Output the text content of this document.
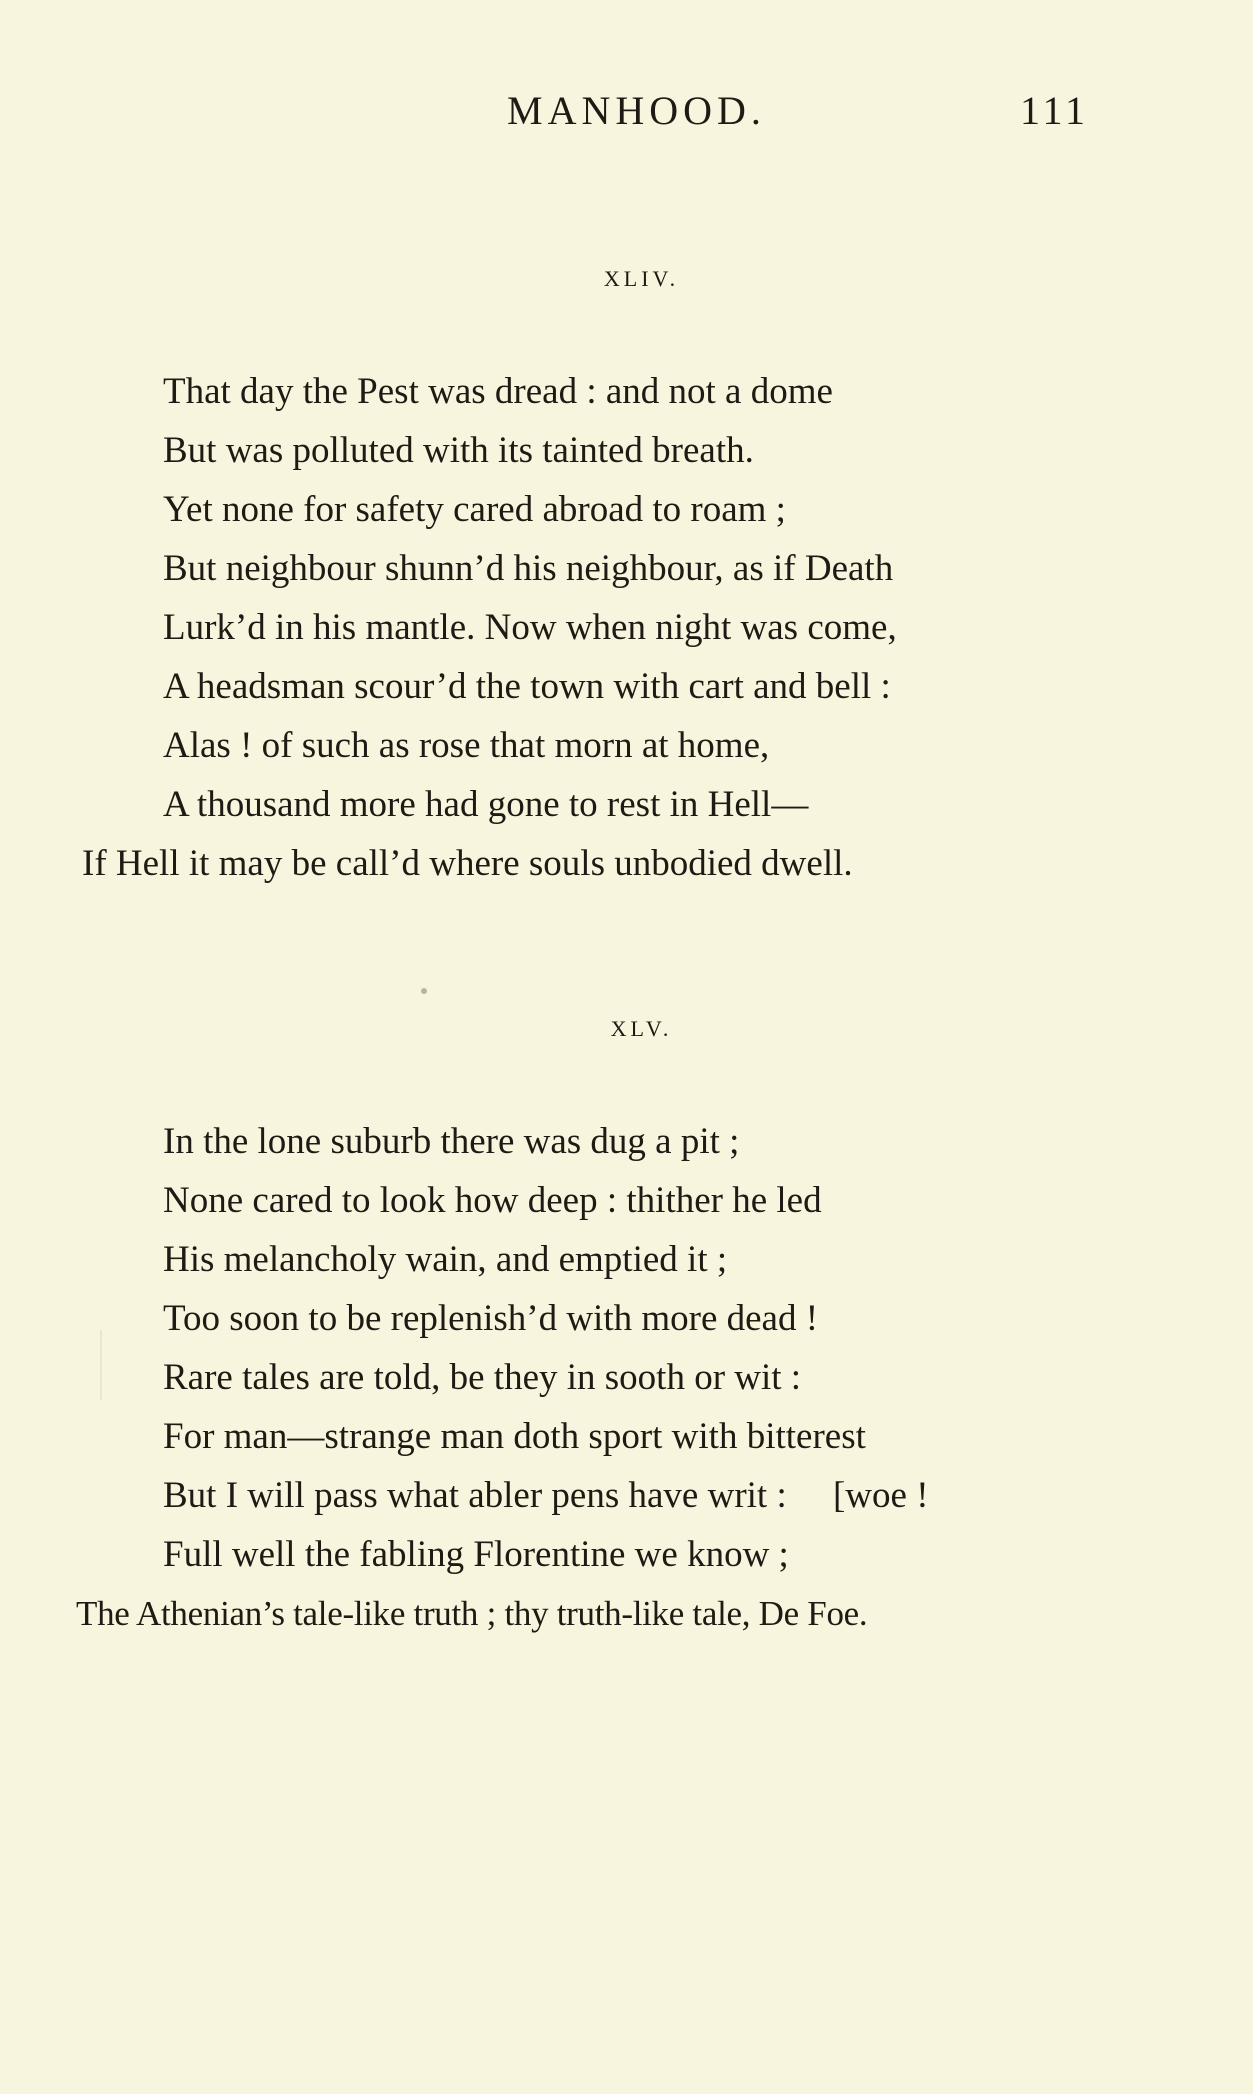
MANHOOD.	111
XLIV.
That day the Pest was dread : and not a dome
But was polluted with its tainted breath.
Yet none for safety cared abroad to roam ;
But neighbour shunn’d his neighbour, as if Death
Lurk’d in his mantle. Now when night was come,
A headsman scour’d the town with cart and bell :
Alas ! of such as rose that morn at home,
A thousand more had gone to rest in Hell—
If Hell it may be call’d where souls unbodied dwell.
XLV.
In the lone suburb there was dug a pit ;
None cared to look how deep : thither he led
His melancholy wain, and emptied it ;
Too soon to be replenish’d with more dead !
Rare tales are told, be they in sooth or wit :
For man—strange man doth sport with bitterest
But I will pass what abler pens have writ :     [woe !
Full well the fabling Florentine we know ;
The Athenian’s tale-like truth ; thy truth-like tale, De Foe.
